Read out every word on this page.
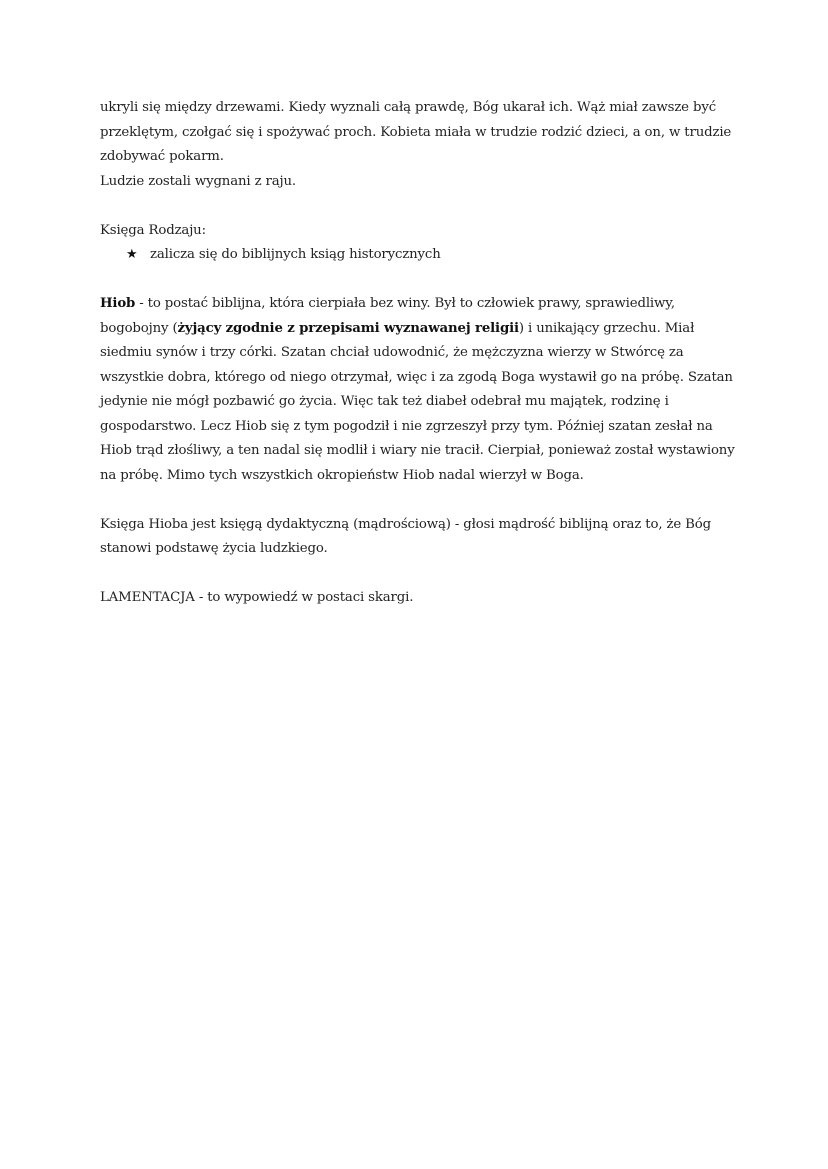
ukryli się między drzewami. Kiedy wyznali całą prawdę, Bóg ukarał ich. Wąż miał zawsze być przeklętym, czołgać się i spożywać proch. Kobieta miała w trudzie rodzić dzieci, a on, w trudzie zdobywać pokarm.
Ludzie zostali wygnani z raju.

Księga Rodzaju:

★ zalicza się do biblijnych ksiąg historycznych

Hiob - to postać biblijna, która cierpiała bez winy. Był to człowiek prawy, sprawiedliwy, bogobojny (żyjący zgodnie z przepisami wyznawanej religii) i unikający grzechu. Miał siedmiu synów i trzy córki. Szatan chciał udowodnić, że mężczyzna wierzy w Stwórcę za wszystkie dobra, którego od niego otrzymał, więc i za zgodą Boga wystawił go na próbę. Szatan jedynie nie mógł pozbawić go życia. Więc tak też diabeł odebrał mu majątek, rodzinę i gospodarstwo. Lecz Hiob się z tym pogodził i nie zgrzeszył przy tym. Później szatan zesłał na Hiob trąd złośliwy, a ten nadal się modlił i wiary nie tracił. Cierpiał, ponieważ został wystawiony na próbę. Mimo tych wszystkich okropieństw Hiob nadal wierzył w Boga.

Księga Hioba jest księgą dydaktyczną (mądrościową) - głosi mądrość biblijną oraz to, że Bóg stanowi podstawę życia ludzkiego.

LAMENTACJA - to wypowiedź w postaci skargi.
